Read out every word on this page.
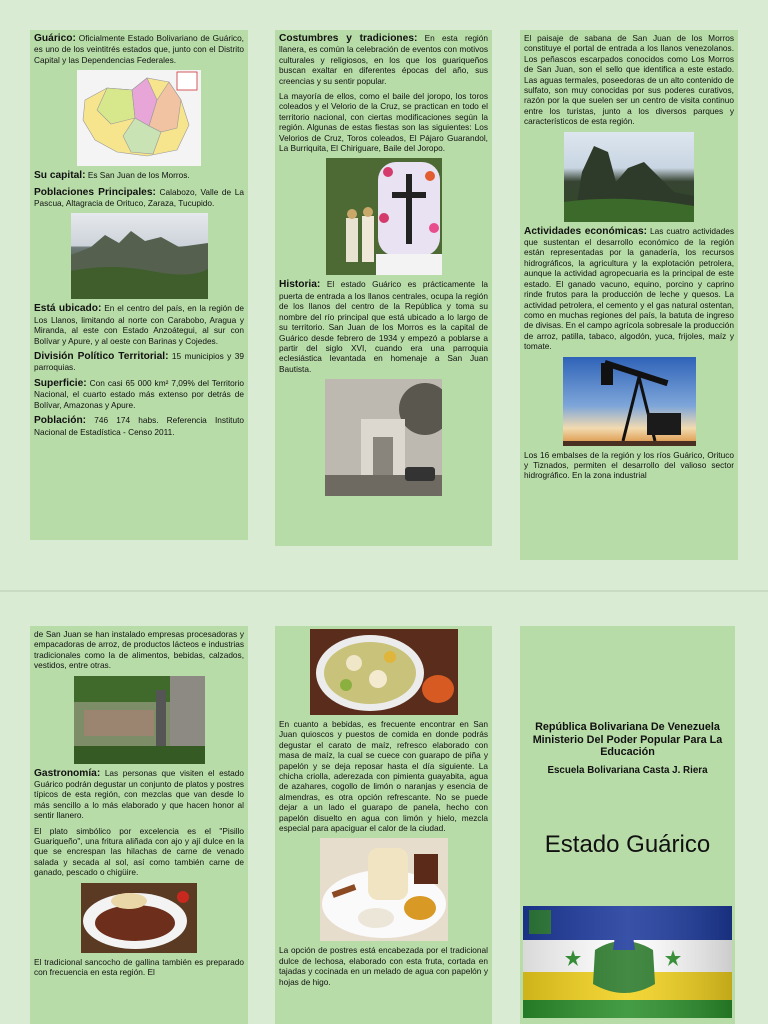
Guárico: Oficialmente Estado Bolivariano de Guárico, es uno de los veintitrés estados que, junto con el Distrito Capital y las Dependencias Federales.

Su capital: Es San Juan de los Morros.

Poblaciones Principales: Calabozo, Valle de La Pascua, Altagracia de Orituco, Zaraza, Tucupido.

Está ubicado: En el centro del país, en la región de Los Llanos, limitando al norte con Carabobo, Aragua y Miranda, al este con Estado Anzoátegui, al sur con Bolívar y Apure, y al oeste con Barinas y Cojedes.

División Político Territorial: 15 municipios y 39 parroquias.

Superficie: Con casi 65 000 km² 7,09% del Territorio Nacional, el cuarto estado más extenso por detrás de Bolívar, Amazonas y Apure.

Población: 746 174 habs. Referencia Instituto Nacional de Estadística - Censo 2011.

Costumbres y tradiciones: En esta región llanera, es común la celebración de eventos con motivos culturales y religiosos, en los que los guariqueños buscan exaltar en diferentes épocas del año, sus creencias y su sentir popular.

La mayoría de ellos, como el baile del joropo, los toros coleados y el Velorio de la Cruz, se practican en todo el territorio nacional, con ciertas modificaciones según la región. Algunas de estas fiestas son las siguientes: Los Velorios de Cruz, Toros coleados, El Pájaro Guarandol, La Burriquita, El Chiriguare, Baile del Joropo.

Historia: El estado Guárico es prácticamente la puerta de entrada a los llanos centrales, ocupa la región de los llanos del centro de la República y toma su nombre del río principal que está ubicado a lo largo de su territorio. San Juan de los Morros es la capital de Guárico desde febrero de 1934 y empezó a poblarse a partir del siglo XVI, cuando era una parroquia eclesiástica levantada en homenaje a San Juan Bautista.

El paisaje de sabana de San Juan de los Morros constituye el portal de entrada a los llanos venezolanos. Los peñascos escarpados conocidos como Los Morros de San Juan, son el sello que identifica a este estado. Las aguas termales, poseedoras de un alto contenido de sulfato, son muy conocidas por sus poderes curativos, razón por la que suelen ser un centro de visita continuo entre los turistas, junto a los diversos parques y característicos de esta región.

Actividades económicas: Las cuatro actividades que sustentan el desarrollo económico de la región están representadas por la ganadería, los recursos hidrográficos, la agricultura y la explotación petrolera, aunque la actividad agropecuaria es la principal de este estado. El ganado vacuno, equino, porcino y caprino rinde frutos para la producción de leche y quesos. La actividad petrolera, el cemento y el gas natural ostentan, como en muchas regiones del país, la batuta de ingreso de divisas. En el campo agrícola sobresale la producción de arroz, patilla, tabaco, algodón, yuca, frijoles, maíz y tomate.

Los 16 embalses de la región y los ríos Guárico, Orituco y Tiznados, permiten el desarrollo del valioso sector hidrográfico. En la zona industrial

de San Juan se han instalado empresas procesadoras y empacadoras de arroz, de productos lácteos e industrias tradicionales como la de alimentos, bebidas, calzados, vestidos, entre otras.

Gastronomía: Las personas que visiten el estado Guárico podrán degustar un conjunto de platos y postres típicos de esta región, con mezclas que van desde lo más sencillo a lo más elaborado y que hacen honor al sentir llanero.

El plato simbólico por excelencia es el "Pisillo Guariqueño", una fritura aliñada con ajo y ají dulce en la que se encrespan las hilachas de carne de venado salada y secada al sol, así como también carne de ganado, pescado o chigüire.

El tradicional sancocho de gallina también es preparado con frecuencia en esta región. El

En cuanto a bebidas, es frecuente encontrar en San Juan quioscos y puestos de comida en donde podrás degustar el carato de maíz, refresco elaborado con masa de maíz, la cual se cuece con guarapo de piña y papelón y se deja reposar hasta el día siguiente. La chicha criolla, aderezada con pimienta guayabita, agua de azahares, cogollo de limón o naranjas y esencia de almendras, es otra opción refrescante. No se puede dejar a un lado el guarapo de panela, hecho con papelón disuelto en agua con limón y hielo, mezcla especial para apaciguar el calor de la ciudad.

La opción de postres está encabezada por el tradicional dulce de lechosa, elaborado con esta fruta, cortada en tajadas y cocinada en un melado de agua con papelón y hojas de higo.

República Bolivariana De Venezuela
Ministerio Del Poder Popular Para La Educación
Escuela Bolivariana Casta J. Riera
Estado Guárico
